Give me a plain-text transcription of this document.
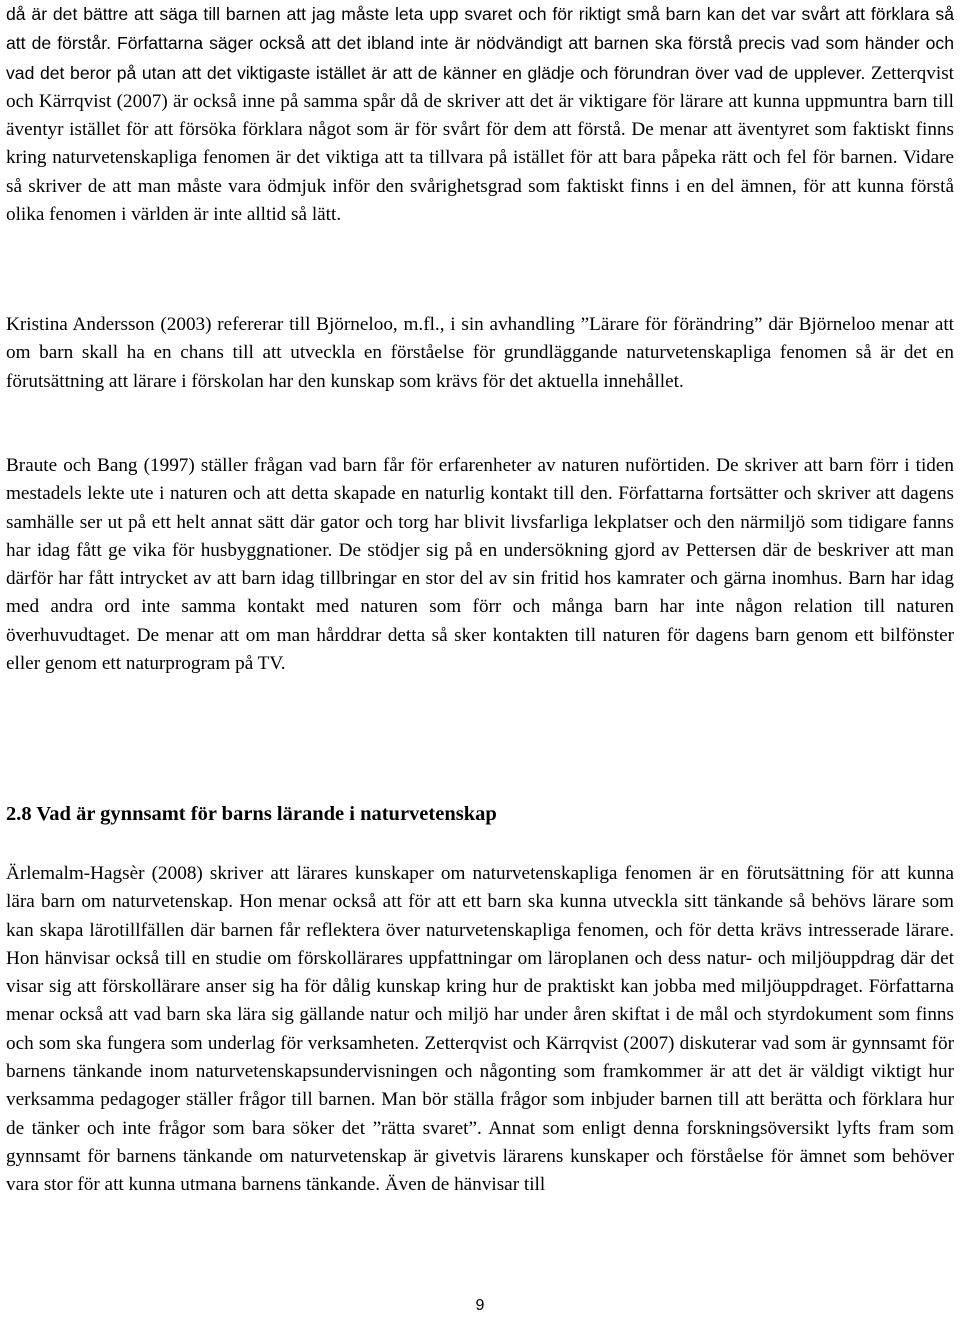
då är det bättre att säga till barnen att jag måste leta upp svaret och för riktigt små barn kan det var svårt att förklara så att de förstår. Författarna säger också att det ibland inte är nödvändigt att barnen ska förstå precis vad som händer och vad det beror på utan att det viktigaste istället är att de känner en glädje och förundran över vad de upplever. Zetterqvist och Kärrqvist (2007) är också inne på samma spår då de skriver att det är viktigare för lärare att kunna uppmuntra barn till äventyr istället för att försöka förklara något som är för svårt för dem att förstå. De menar att äventyret som faktiskt finns kring naturvetenskapliga fenomen är det viktiga att ta tillvara på istället för att bara påpeka rätt och fel för barnen. Vidare så skriver de att man måste vara ödmjuk inför den svårighetsgrad som faktiskt finns i en del ämnen, för att kunna förstå olika fenomen i världen är inte alltid så lätt.

Kristina Andersson (2003) refererar till Björneloo, m.fl., i sin avhandling ”Lärare för förändring” där Björneloo menar att om barn skall ha en chans till att utveckla en förståelse för grundläggande naturvetenskapliga fenomen så är det en förutsättning att lärare i förskolan har den kunskap som krävs för det aktuella innehållet.

Braute och Bang (1997) ställer frågan vad barn får för erfarenheter av naturen nuförtiden. De skriver att barn förr i tiden mestadels lekte ute i naturen och att detta skapade en naturlig kontakt till den. Författarna fortsätter och skriver att dagens samhälle ser ut på ett helt annat sätt där gator och torg har blivit livsfarliga lekplatser och den närmiljö som tidigare fanns har idag fått ge vika för husbyggnationer. De stödjer sig på en undersökning gjord av Pettersen där de beskriver att man därför har fått intrycket av att barn idag tillbringar en stor del av sin fritid hos kamrater och gärna inomhus. Barn har idag med andra ord inte samma kontakt med naturen som förr och många barn har inte någon relation till naturen överhuvudtaget. De menar att om man hårddrar detta så sker kontakten till naturen för dagens barn genom ett bilfönster eller genom ett naturprogram på TV.

2.8 Vad är gynnsamt för barns lärande i naturvetenskap

Ärlemalm-Hagsèr (2008) skriver att lärares kunskaper om naturvetenskapliga fenomen är en förutsättning för att kunna lära barn om naturvetenskap. Hon menar också att för att ett barn ska kunna utveckla sitt tänkande så behövs lärare som kan skapa lärotillfällen där barnen får reflektera över naturvetenskapliga fenomen, och för detta krävs intresserade lärare. Hon hänvisar också till en studie om förskollärares uppfattningar om läroplanen och dess natur- och miljöuppdrag där det visar sig att förskollärare anser sig ha för dålig kunskap kring hur de praktiskt kan jobba med miljöuppdraget. Författarna menar också att vad barn ska lära sig gällande natur och miljö har under åren skiftat i de mål och styrdokument som finns och som ska fungera som underlag för verksamheten. Zetterqvist och Kärrqvist (2007) diskuterar vad som är gynnsamt för barnens tänkande inom naturvetenskapsundervisningen och någonting som framkommer är att det är väldigt viktigt hur verksamma pedagoger ställer frågor till barnen. Man bör ställa frågor som inbjuder barnen till att berätta och förklara hur de tänker och inte frågor som bara söker det ”rätta svaret”. Annat som enligt denna forskningsöversikt lyfts fram som gynnsamt för barnens tänkande om naturvetenskap är givetvis lärarens kunskaper och förståelse för ämnet som behöver vara stor för att kunna utmana barnens tänkande. Även de hänvisar till

9
